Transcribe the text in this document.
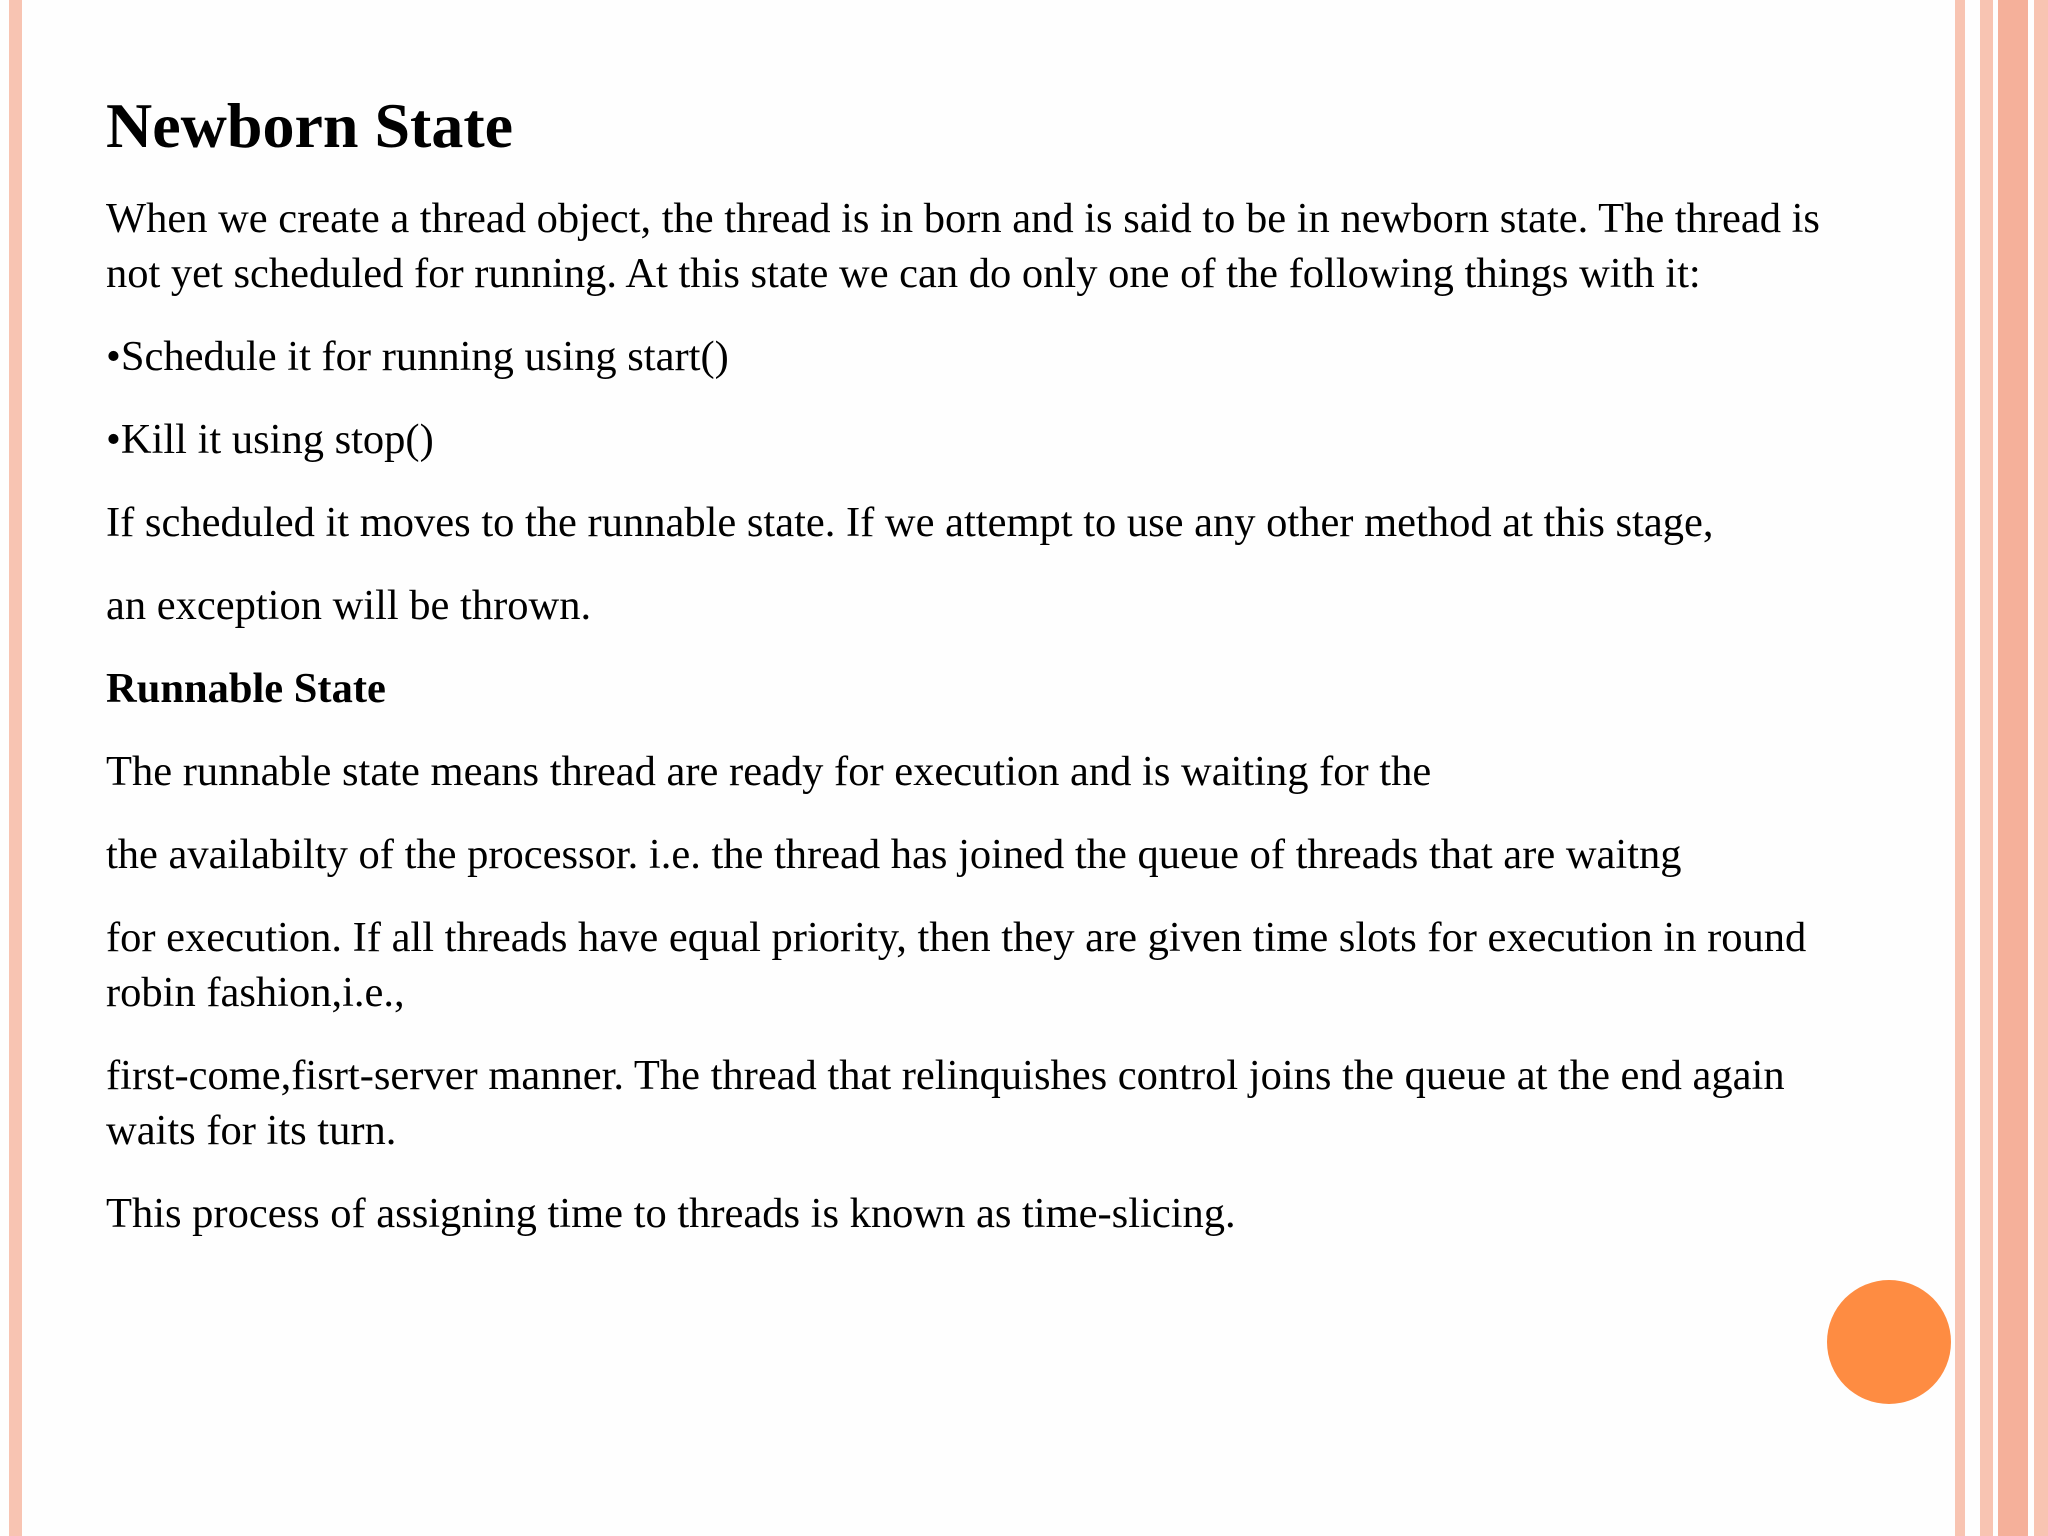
Newborn State

When we create a thread object, the thread is in born and is said to be in newborn state. The thread is

not yet scheduled for running. At this state we can do only one of the following things with it:

•Schedule it for running using start()

•Kill it using stop()

If scheduled it moves to the runnable state. If we attempt to use any other method at this stage,

an exception will be thrown.

Runnable State

The runnable state means thread are ready for execution and is waiting for the

the availabilty of the processor. i.e. the thread has joined the queue of threads that are waitng

for execution. If all threads have equal priority, then they are given time slots for execution in round

robin fashion,i.e.,

first-come,fisrt-server manner. The thread that relinquishes control joins the queue at the end again

waits for its turn.

This process of assigning time to threads is known as time-slicing.
